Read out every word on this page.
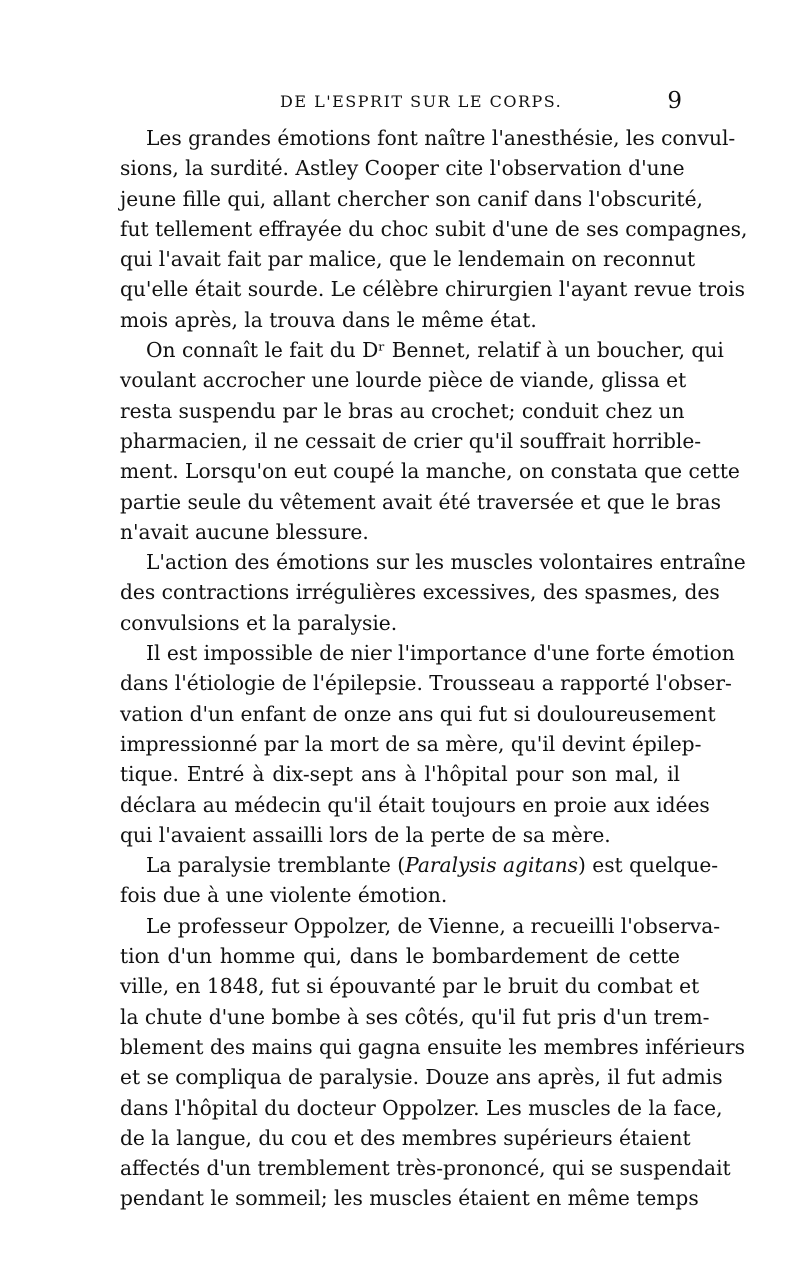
DE L'ESPRIT SUR LE CORPS.	9
Les grandes émotions font naître l'anesthésie, les convul-
sions, la surdité. Astley Cooper cite l'observation d'une
jeune fille qui, allant chercher son canif dans l'obscurité,
fut tellement effrayée du choc subit d'une de ses compagnes,
qui l'avait fait par malice, que le lendemain on reconnut
qu'elle était sourde. Le célèbre chirurgien l'ayant revue trois
mois après, la trouva dans le même état.
On connaît le fait du Dʳ Bennet, relatif à un boucher, qui
voulant accrocher une lourde pièce de viande, glissa et
resta suspendu par le bras au crochet; conduit chez un
pharmacien, il ne cessait de crier qu'il souffrait horrible-
ment. Lorsqu'on eut coupé la manche, on constata que cette
partie seule du vêtement avait été traversée et que le bras
n'avait aucune blessure.
L'action des émotions sur les muscles volontaires entraîne
des contractions irrégulières excessives, des spasmes, des
convulsions et la paralysie.
Il est impossible de nier l'importance d'une forte émotion
dans l'étiologie de l'épilepsie. Trousseau a rapporté l'obser-
vation d'un enfant de onze ans qui fut si douloureusement
impressionné par la mort de sa mère, qu'il devint épilep-
tique. Entré à dix-sept ans à l'hôpital pour son mal, il
déclara au médecin qu'il était toujours en proie aux idées
qui l'avaient assailli lors de la perte de sa mère.
La paralysie tremblante (Paralysis agitans) est quelque-
fois due à une violente émotion.
Le professeur Oppolzer, de Vienne, a recueilli l'observa-
tion d'un homme qui, dans le bombardement de cette
ville, en 1848, fut si épouvanté par le bruit du combat et
la chute d'une bombe à ses côtés, qu'il fut pris d'un trem-
blement des mains qui gagna ensuite les membres inférieurs
et se compliqua de paralysie. Douze ans après, il fut admis
dans l'hôpital du docteur Oppolzer. Les muscles de la face,
de la langue, du cou et des membres supérieurs étaient
affectés d'un tremblement très-prononcé, qui se suspendait
pendant le sommeil; les muscles étaient en même temps
